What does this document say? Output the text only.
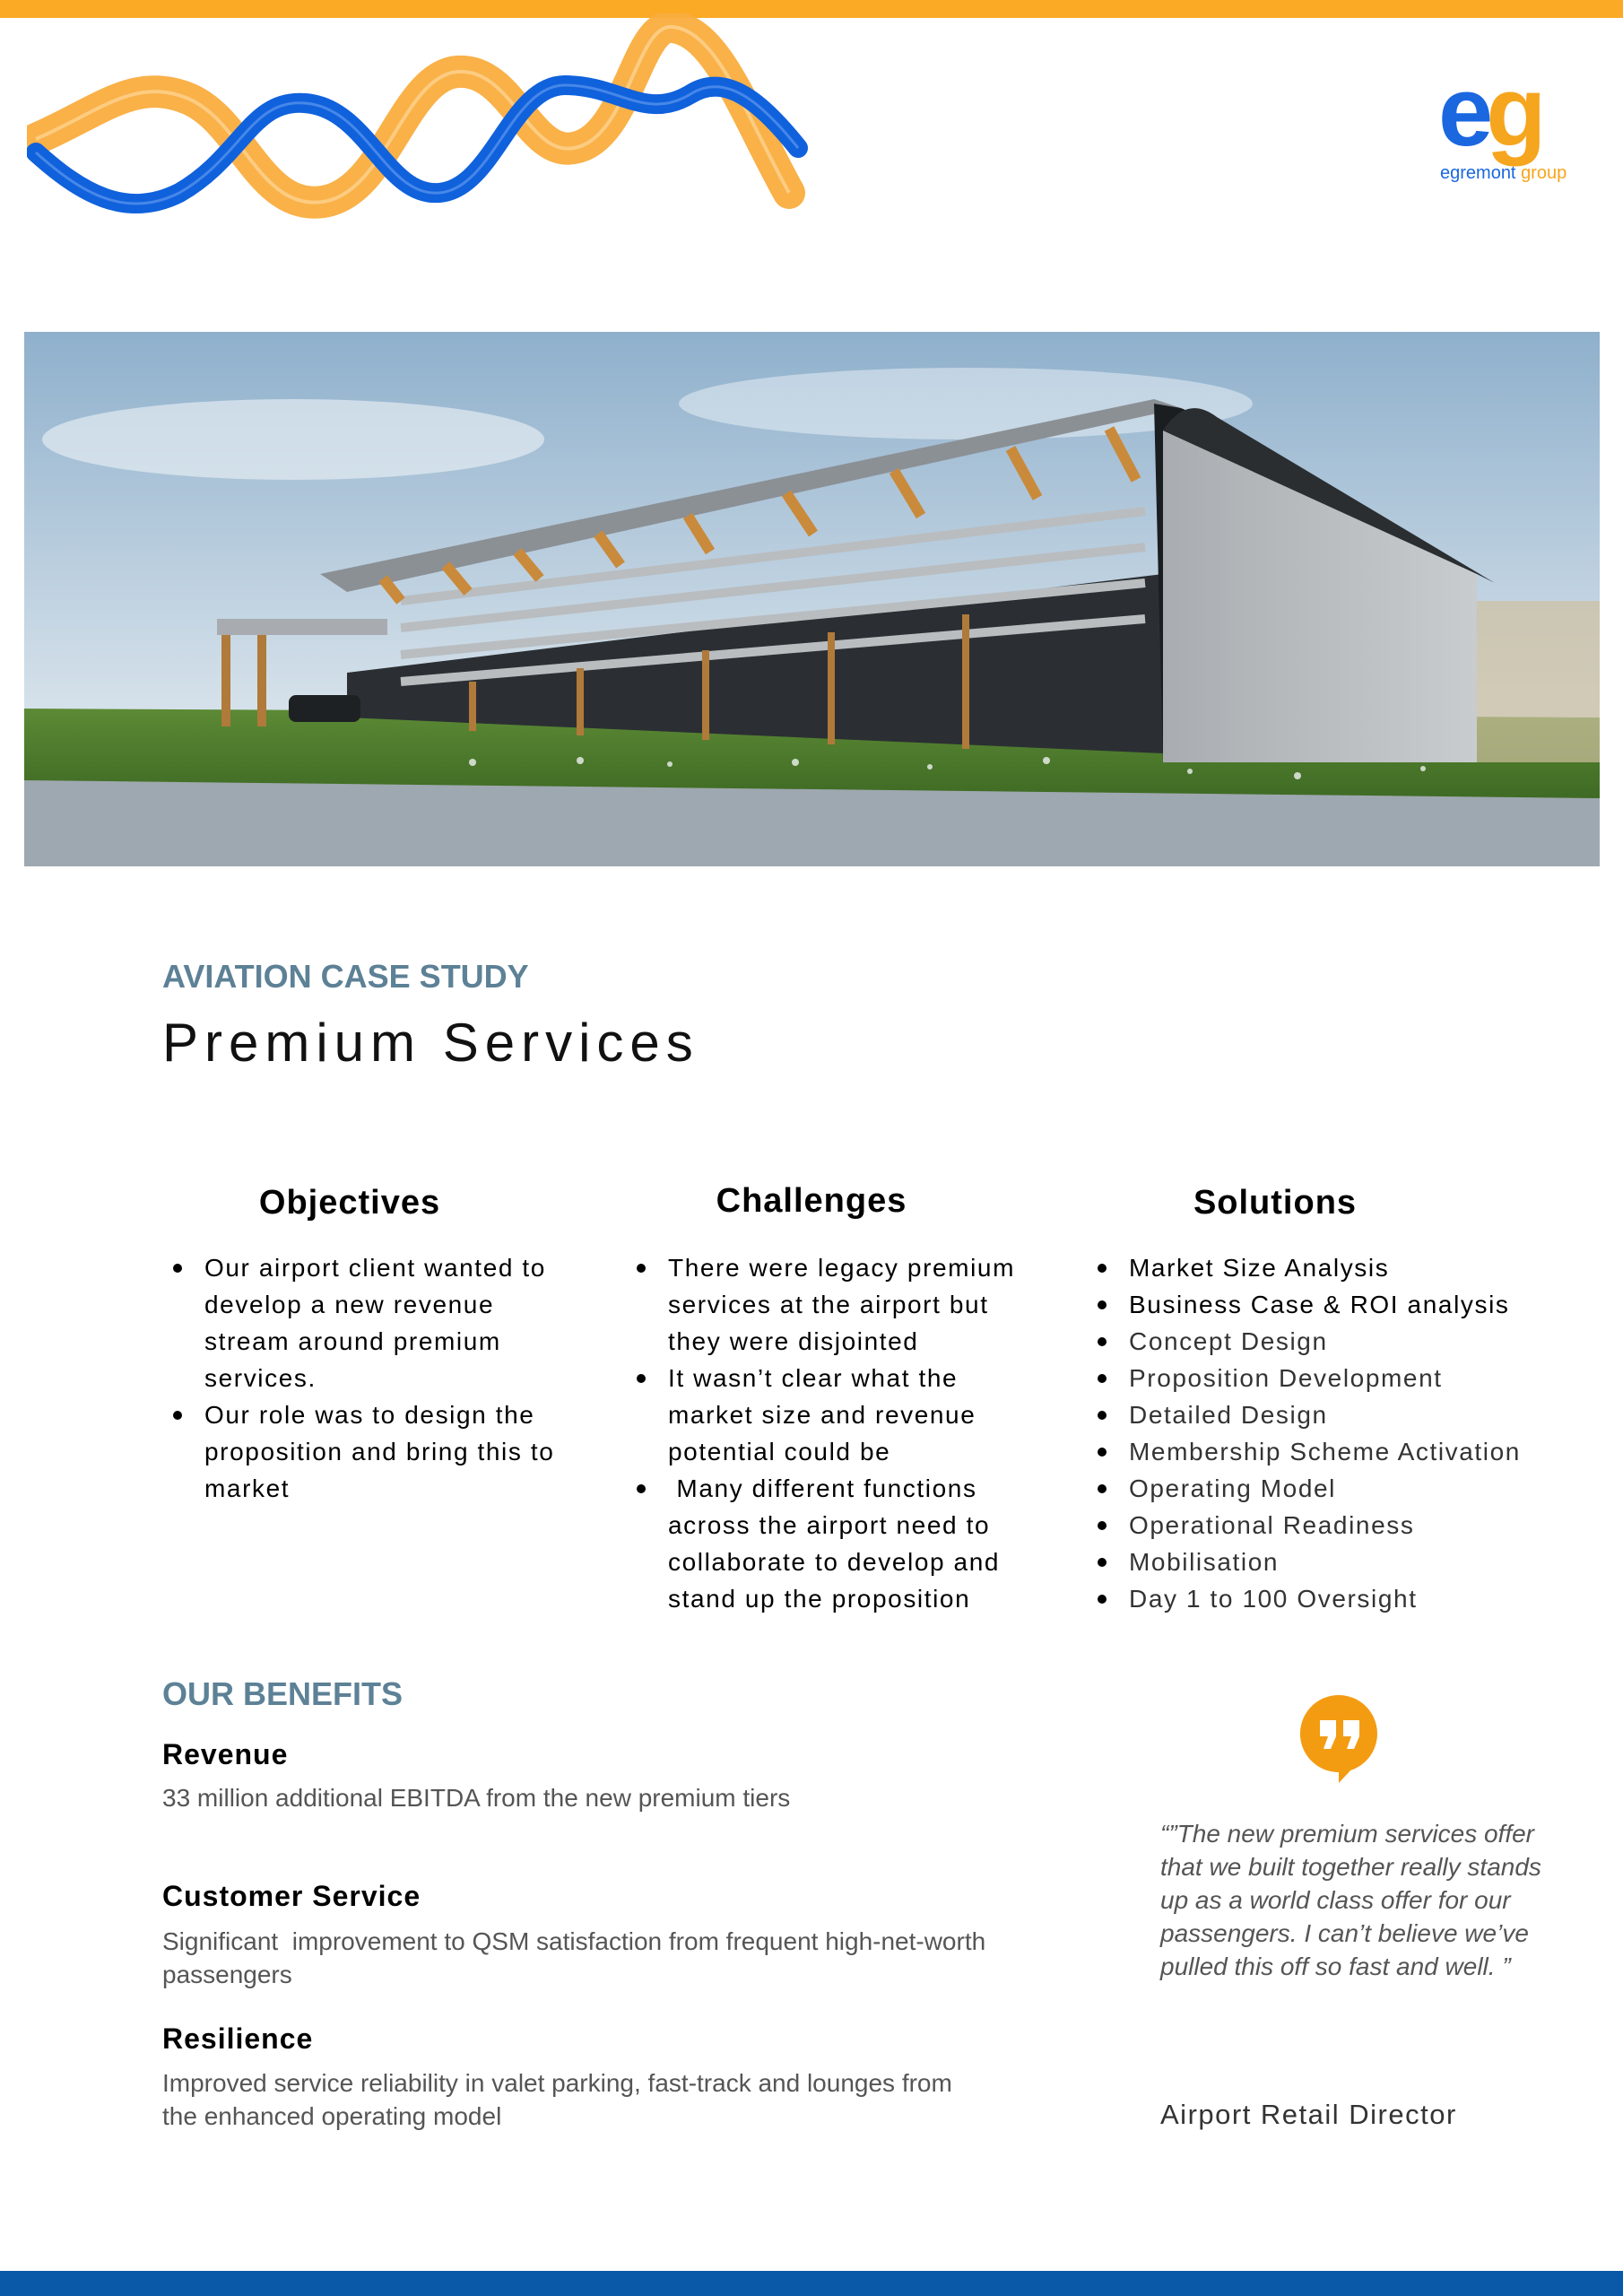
eg
egremont group
AVIATION CASE STUDY
Premium Services
Objectives
Our airport client wanted to develop a new revenue stream around premium services.
Our role was to design the proposition and bring this to market
Challenges
There were legacy premium services at the airport but they were disjointed
It wasn’t clear what the market size and revenue potential could be
Many different functions across the airport need to collaborate to develop and stand up the proposition
Solutions
Market Size Analysis
Business Case & ROI analysis
Concept Design
Proposition Development
Detailed Design
Membership Scheme Activation
Operating Model
Operational Readiness
Mobilisation
Day 1 to 100 Oversight
OUR BENEFITS
Revenue
33 million additional EBITDA from the new premium tiers
Customer Service
Significant  improvement to QSM satisfaction from frequent high-net-worth passengers
Resilience
Improved service reliability in valet parking, fast-track and lounges from the enhanced operating model
“”The new premium services offer that we built together really stands up as a world class offer for our passengers. I can’t believe we’ve pulled this off so fast and well. ”
Airport Retail Director
